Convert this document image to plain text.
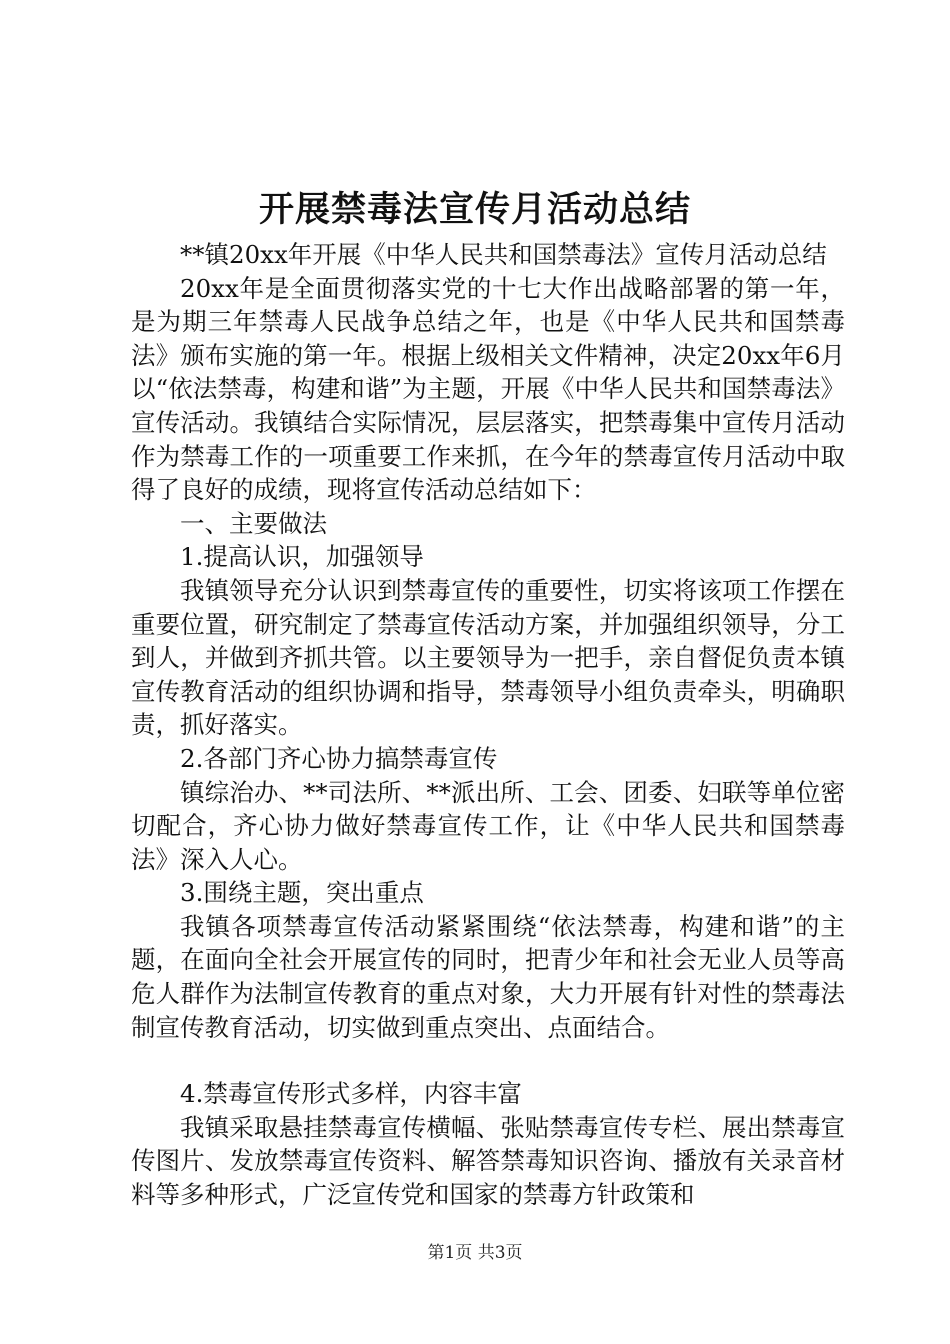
开展禁毒法宣传月活动总结

**镇20xx年开展《中华人民共和国禁毒法》宣传月活动总结

20xx年是全面贯彻落实党的十七大作出战略部署的第一年，是为期三年禁毒人民战争总结之年，也是《中华人民共和国禁毒法》颁布实施的第一年。根据上级相关文件精神，决定20xx年6月以“依法禁毒，构建和谐”为主题，开展《中华人民共和国禁毒法》宣传活动。我镇结合实际情况，层层落实，把禁毒集中宣传月活动作为禁毒工作的一项重要工作来抓，在今年的禁毒宣传月活动中取得了良好的成绩，现将宣传活动总结如下：

一、主要做法

1.提高认识，加强领导

我镇领导充分认识到禁毒宣传的重要性，切实将该项工作摆在重要位置，研究制定了禁毒宣传活动方案，并加强组织领导，分工到人，并做到齐抓共管。以主要领导为一把手，亲自督促负责本镇宣传教育活动的组织协调和指导，禁毒领导小组负责牵头，明确职责，抓好落实。

2.各部门齐心协力搞禁毒宣传

镇综治办、**司法所、**派出所、工会、团委、妇联等单位密切配合，齐心协力做好禁毒宣传工作，让《中华人民共和国禁毒法》深入人心。

3.围绕主题，突出重点

我镇各项禁毒宣传活动紧紧围绕“依法禁毒，构建和谐”的主题，在面向全社会开展宣传的同时，把青少年和社会无业人员等高危人群作为法制宣传教育的重点对象，大力开展有针对性的禁毒法制宣传教育活动，切实做到重点突出、点面结合。

4.禁毒宣传形式多样，内容丰富

我镇采取悬挂禁毒宣传横幅、张贴禁毒宣传专栏、展出禁毒宣传图片、发放禁毒宣传资料、解答禁毒知识咨询、播放有关录音材料等多种形式，广泛宣传党和国家的禁毒方针政策和

第1页 共3页
